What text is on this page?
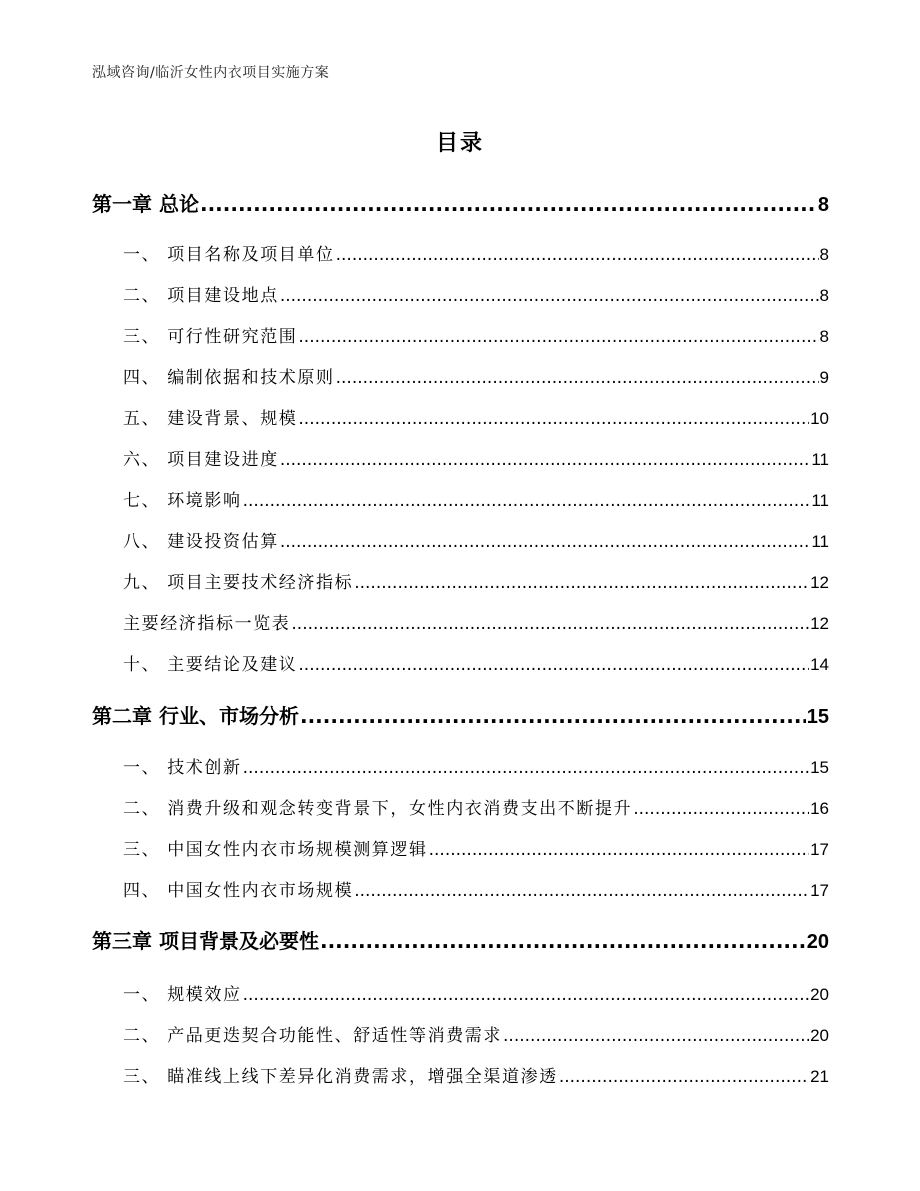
泓域咨询/临沂女性内衣项目实施方案
目录
第一章 总论 .....	8
一、 项目名称及项目单位 .....	8
二、 项目建设地点 .....	8
三、 可行性研究范围 .....	8
四、 编制依据和技术原则 .....	9
五、 建设背景、规模 .....	10
六、 项目建设进度 .....	11
七、 环境影响 .....	11
八、 建设投资估算 .....	11
九、 项目主要技术经济指标 .....	12
主要经济指标一览表 .....	12
十、 主要结论及建议 .....	14
第二章 行业、市场分析 .....	15
一、 技术创新 .....	15
二、 消费升级和观念转变背景下，女性内衣消费支出不断提升 .....	16
三、 中国女性内衣市场规模测算逻辑 .....	17
四、 中国女性内衣市场规模 .....	17
第三章 项目背景及必要性 .....	20
一、 规模效应 .....	20
二、 产品更迭契合功能性、舒适性等消费需求 .....	20
三、 瞄准线上线下差异化消费需求，增强全渠道渗透 .....	21
